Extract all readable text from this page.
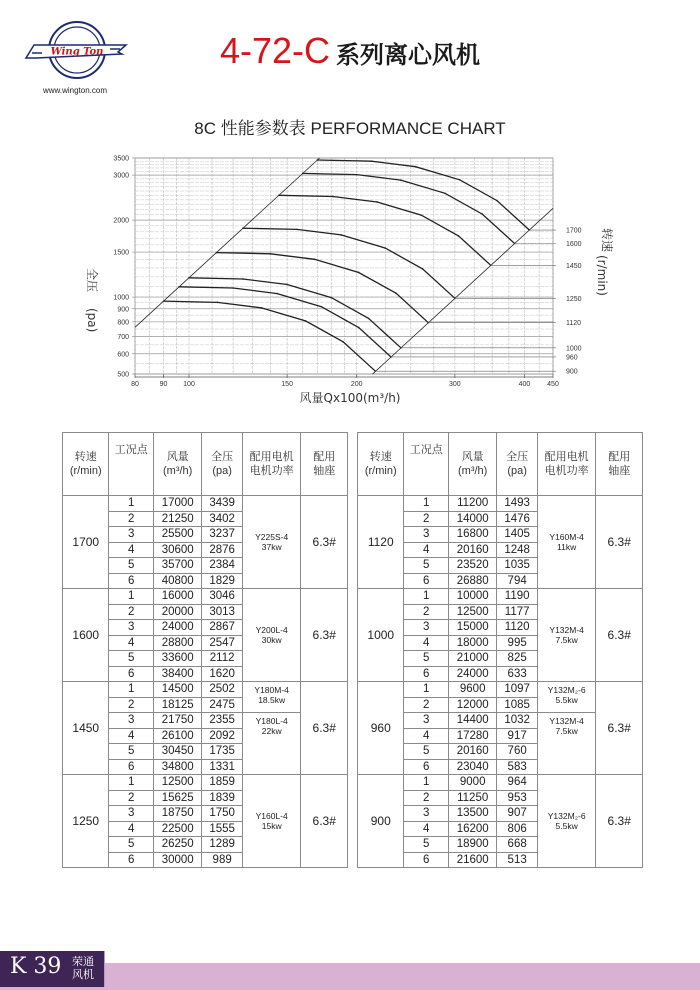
Wing Ton
www.wington.com
4-72-C 系列离心风机
8C 性能参数表 PERFORMANCE CHART
80	90 100	150	200	300	400 450
500
600
700
800
900
1000
1500
2000
3000
3500
1700
1600
1450
1250
1120
1000
960
900
风量Qx100(m³/h)
全压
(pa)
转速
(r/min)
转速
(r/min)	工况点	风量
(m³/h)	全压
(pa)	配用电机
电机功率	配用
轴座
1700	1	17000	3439	Y225S-4
37kw	6.3#
	2	21250	3402		
	3	25500	3237		
	4	30600	2876		
	5	35700	2384		
	6	40800	1829		
1600	1	16000	3046	Y200L-4
30kw	6.3#
	2	20000	3013		
	3	24000	2867		
	4	28800	2547		
	5	33600	2112		
	6	38400	1620		
1450	1	14500	2502	Y180M-4
18.5kw	6.3#
	2	18125	2475		
	3	21750	2355	Y180L-4
22kw	
	4	26100	2092		
	5	30450	1735		
	6	34800	1331		
1250	1	12500	1859	Y160L-4
15kw	6.3#
	2	15625	1839		
	3	18750	1750		
	4	22500	1555		
	5	26250	1289		
	6	30000	989		
转速
(r/min)	工况点	风量
(m³/h)	全压
(pa)	配用电机
电机功率	配用
轴座
1120	1	11200	1493	Y160M-4
11kw	6.3#
	2	14000	1476		
	3	16800	1405		
	4	20160	1248		
	5	23520	1035		
	6	26880	794		
1000	1	10000	1190	Y132M-4
7.5kw	6.3#
	2	12500	1177		
	3	15000	1120		
	4	18000	995		
	5	21000	825		
	6	24000	633		
960	1	9600	1097	Y132M₂-6
5.5kw	6.3#
	2	12000	1085		
	3	14400	1032	Y132M-4
7.5kw	
	4	17280	917		
	5	20160	760		
	6	23040	583		
900	1	9000	964	Y132M₂-6
5.5kw	6.3#
	2	11250	953		
	3	13500	907		
	4	16200	806		
	5	18900	668		
	6	21600	513		
K 39 荣通
风机
